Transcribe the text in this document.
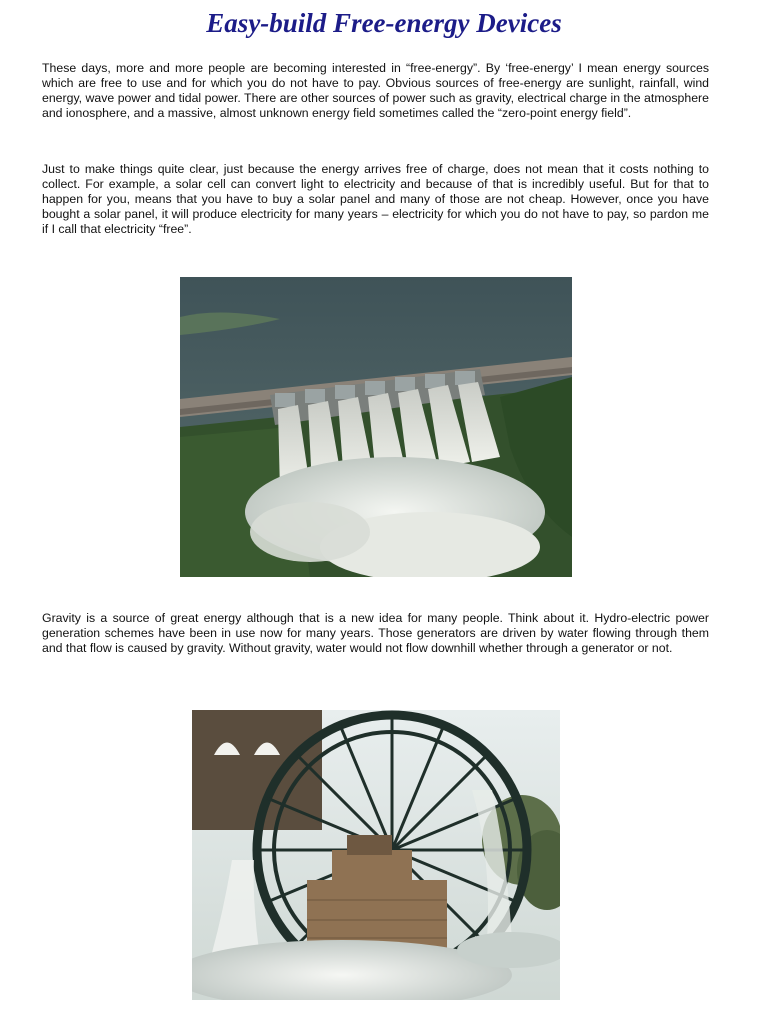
Easy-build Free-energy Devices

These days, more and more people are becoming interested in “free-energy”. By ‘free-energy’ I mean energy sources which are free to use and for which you do not have to pay. Obvious sources of free-energy are sunlight, rainfall, wind energy, wave power and tidal power. There are other sources of power such as gravity, electrical charge in the atmosphere and ionosphere, and a massive, almost unknown energy field sometimes called the “zero-point energy field”.

Just to make things quite clear, just because the energy arrives free of charge, does not mean that it costs nothing to collect. For example, a solar cell can convert light to electricity and because of that is incredibly useful. But for that to happen for you, means that you have to buy a solar panel and many of those are not cheap. However, once you have bought a solar panel, it will produce electricity for many years – electricity for which you do not have to pay, so pardon me if I call that electricity “free”.

Gravity is a source of great energy although that is a new idea for many people. Think about it. Hydro-electric power generation schemes have been in use now for many years. Those generators are driven by water flowing through them and that flow is caused by gravity. Without gravity, water would not flow downhill whether through a generator or not.
